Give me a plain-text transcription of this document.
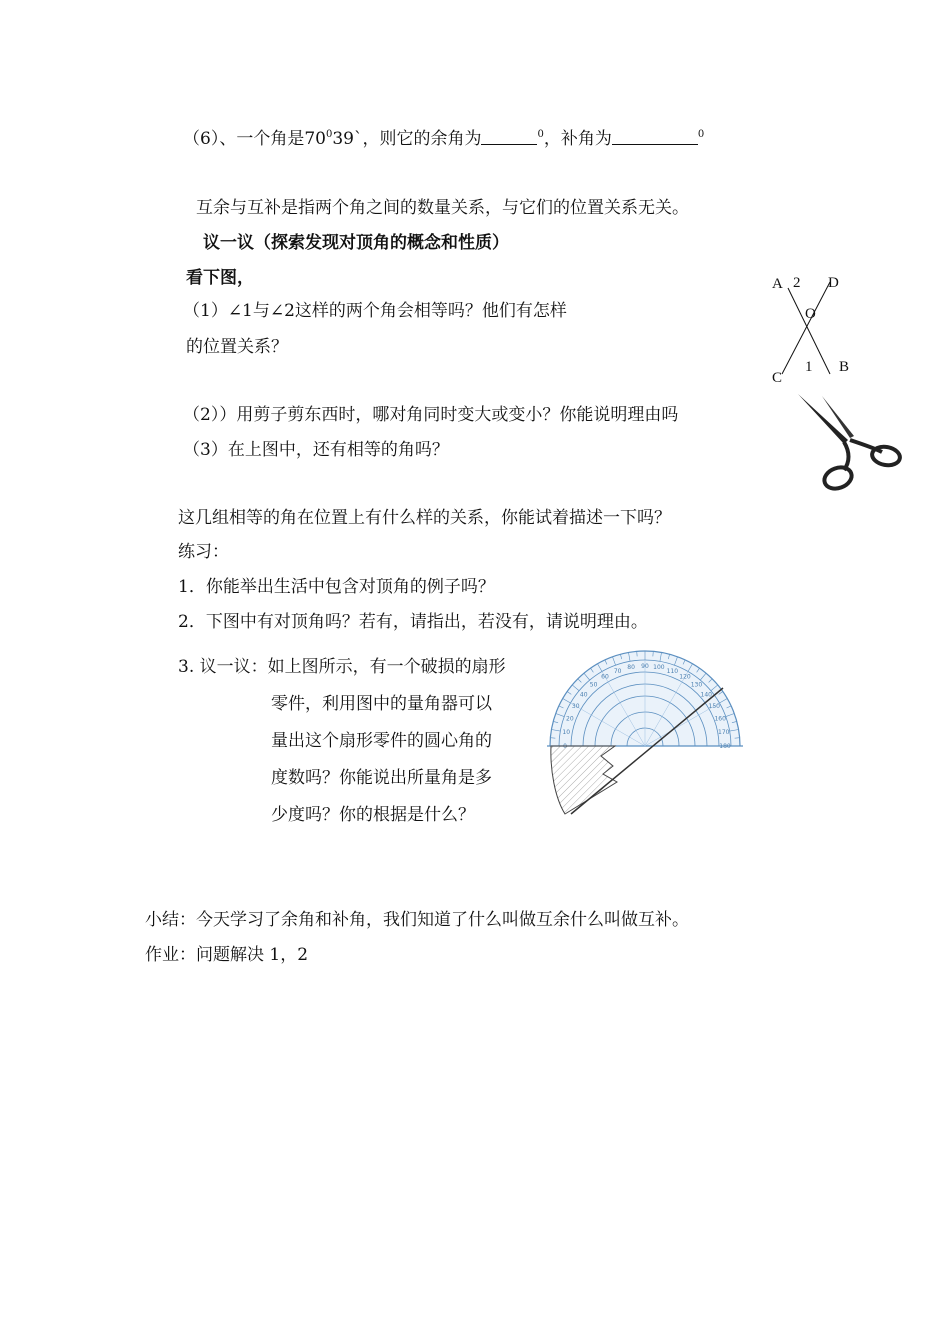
（6）、一个角是$70^039`$，则它的余角为	$^0$，补角为	$^0$
互余与互补是指两个角之间的数量关系，与它们的位置关系无关。
议一议（探索发现对顶角的概念和性质）
看下图，
（1）∠1与∠2这样的两个角会相等吗？他们有怎样
的位置关系？
（2））用剪子剪东西时，哪对角同时变大或变小？你能说明理由吗
（3）在上图中，还有相等的角吗？
A 2 D
O
C
1 B
这几组相等的角在位置上有什么样的关系，你能试着描述一下吗？
练习：
1．你能举出生活中包含对顶角的例子吗？
2．下图中有对顶角吗？若有，请指出，若没有，请说明理由。
3. 议一议：如上图所示，有一个破损的扇形
零件，利用图中的量角器可以
量出这个扇形零件的圆心角的
度数吗？你能说出所量角是多
少度吗？你的根据是什么？
10
20
30
40
50
60
70
80 90 100
110
120
130
140
150
160
170
180
小结：今天学习了余角和补角，我们知道了什么叫做互余什么叫做互补。
作业：问题解决 1，2
